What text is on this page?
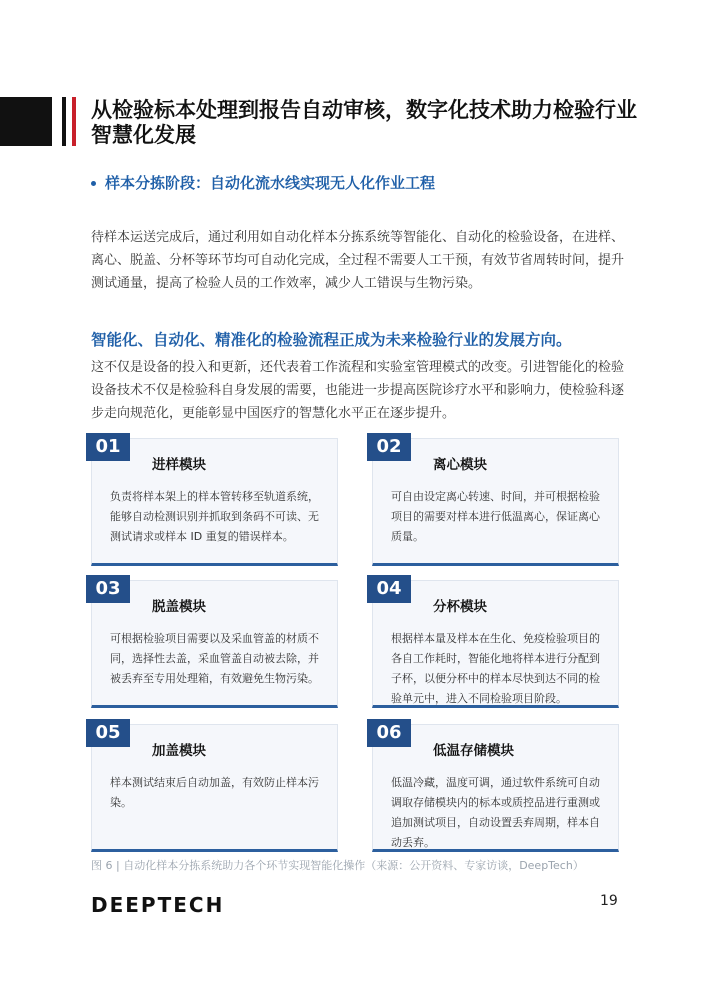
从检验标本处理到报告自动审核，数字化技术助力检验行业智慧化发展

样本分拣阶段：自动化流水线实现无人化作业工程

待样本运送完成后，通过利用如自动化样本分拣系统等智能化、自动化的检验设备，在进样、离心、脱盖、分杯等环节均可自动化完成，全过程不需要人工干预，有效节省周转时间，提升测试通量，提高了检验人员的工作效率，减少人工错误与生物污染。

智能化、自动化、精准化的检验流程正成为未来检验行业的发展方向。

这不仅是设备的投入和更新，还代表着工作流程和实验室管理模式的改变。引进智能化的检验设备技术不仅是检验科自身发展的需要，也能进一步提高医院诊疗水平和影响力，使检验科逐步走向规范化，更能彰显中国医疗的智慧化水平正在逐步提升。

01

进样模块

负责将样本架上的样本管转移至轨道系统，能够自动检测识别并抓取到条码不可读、无测试请求或样本 ID 重复的错误样本。

02

离心模块

可自由设定离心转速、时间，并可根据检验项目的需要对样本进行低温离心，保证离心质量。

03

脱盖模块

可根据检验项目需要以及采血管盖的材质不同，选择性去盖，采血管盖自动被去除，并被丢弃至专用处理箱，有效避免生物污染。

04

分杯模块

根据样本量及样本在生化、免疫检验项目的各自工作耗时，智能化地将样本进行分配到子杯，以便分杯中的样本尽快到达不同的检验单元中，进入不同检验项目阶段。

05

加盖模块

样本测试结束后自动加盖，有效防止样本污染。

06

低温存储模块

低温冷藏，温度可调，通过软件系统可自动调取存储模块内的标本或质控品进行重测或追加测试项目，自动设置丢弃周期，样本自动丢弃。

图 6 | 自动化样本分拣系统助力各个环节实现智能化操作（来源：公开资料、专家访谈，DeepTech）

DEEPTECH	19
